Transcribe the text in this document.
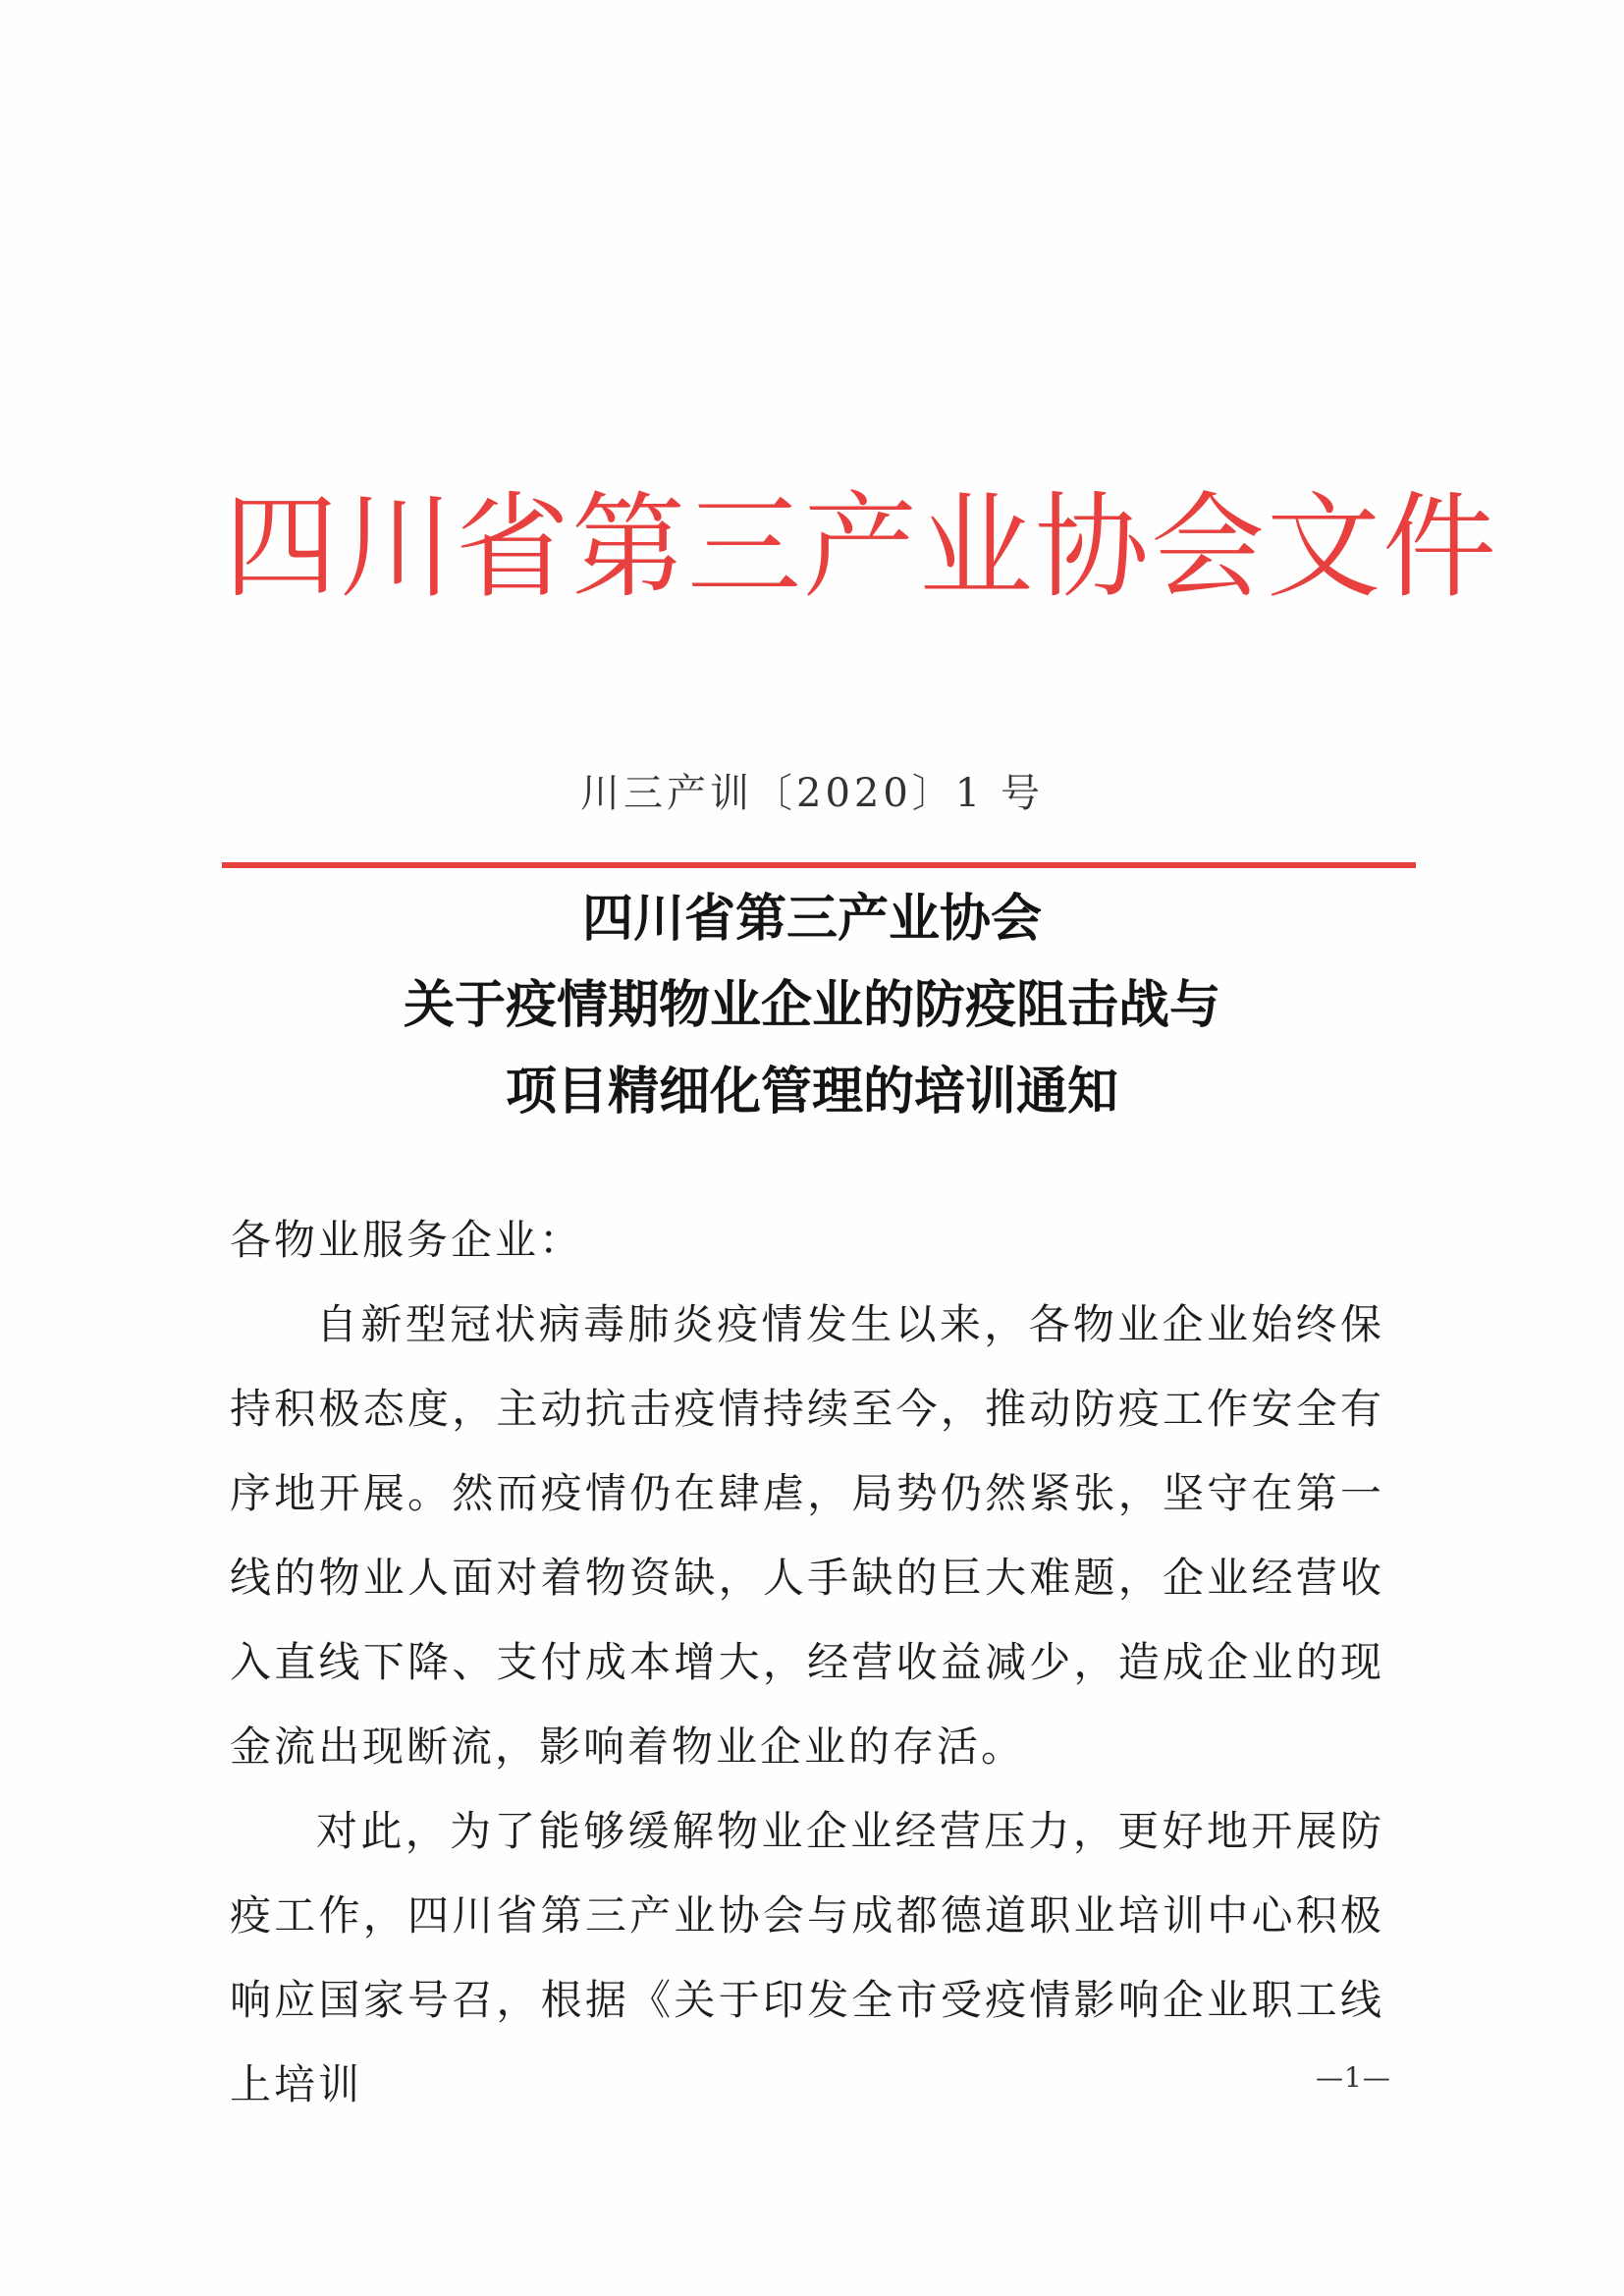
四川省第三产业协会文件
川三产训〔2020〕1 号
四川省第三产业协会
关于疫情期物业企业的防疫阻击战与
项目精细化管理的培训通知

各物业服务企业：

自新型冠状病毒肺炎疫情发生以来，各物业企业始终保持积极态度，主动抗击疫情持续至今，推动防疫工作安全有序地开展。然而疫情仍在肆虐，局势仍然紧张，坚守在第一线的物业人面对着物资缺，人手缺的巨大难题，企业经营收入直线下降、支付成本增大，经营收益减少，造成企业的现金流出现断流，影响着物业企业的存活。

对此，为了能够缓解物业企业经营压力，更好地开展防疫工作，四川省第三产业协会与成都德道职业培训中心积极响应国家号召，根据《关于印发全市受疫情影响企业职工线上培训	—1—
